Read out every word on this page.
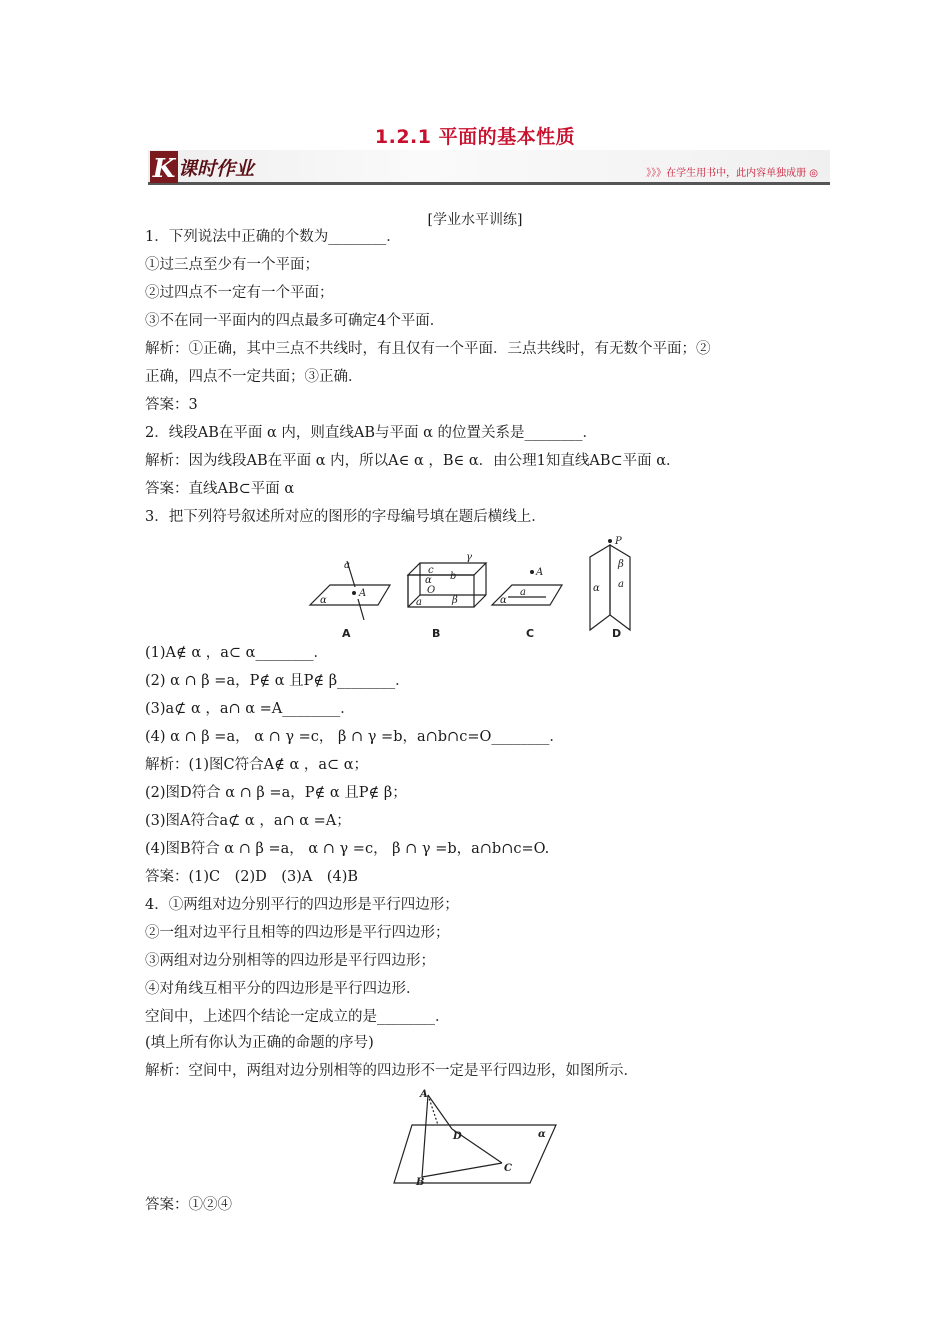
1.2.1 平面的基本性质
K 课时作业	》》》在学生用书中，此内容单独成册 ◎
[学业水平训练]
1．下列说法中正确的个数为________．
①过三点至少有一个平面；
②过四点不一定有一个平面；
③不在同一平面内的四点最多可确定4个平面．
解析：①正确，其中三点不共线时，有且仅有一个平面．三点共线时，有无数个平面；②
正确，四点不一定共面；③正确．
答案：3
2．线段AB在平面 α 内，则直线AB与平面 α 的位置关系是________．
解析：因为线段AB在平面 α 内，所以A∈ α ，B∈ α．由公理1知直线AB⊂平面 α．
答案：直线AB⊂平面 α
3．把下列符号叙述所对应的图形的字母编号填在题后横线上．
a
A
α
γ
c
b
α
O
a	β
A
a
α
P
β
a
α
A	B	C	D
(1)A∉ α ，a⊂ α________．
(2) α ∩ β =a，P∉ α 且P∉ β________．
(3)a⊄ α ，a∩ α =A________．
(4) α ∩ β =a， α ∩ γ =c， β ∩ γ =b，a∩b∩c=O________．
解析：(1)图C符合A∉ α ，a⊂ α；
(2)图D符合 α ∩ β =a，P∉ α 且P∉ β；
(3)图A符合a⊄ α ，a∩ α =A；
(4)图B符合 α ∩ β =a， α ∩ γ =c， β ∩ γ =b，a∩b∩c=O.
答案：(1)C　(2)D　(3)A　(4)B
4．①两组对边分别平行的四边形是平行四边形；
②一组对边平行且相等的四边形是平行四边形；
③两组对边分别相等的四边形是平行四边形；
④对角线互相平分的四边形是平行四边形．
空间中，上述四个结论一定成立的是________．
(填上所有你认为正确的命题的序号)
解析：空间中，两组对边分别相等的四边形不一定是平行四边形，如图所示．
A
D	α
C
B
答案：①②④
